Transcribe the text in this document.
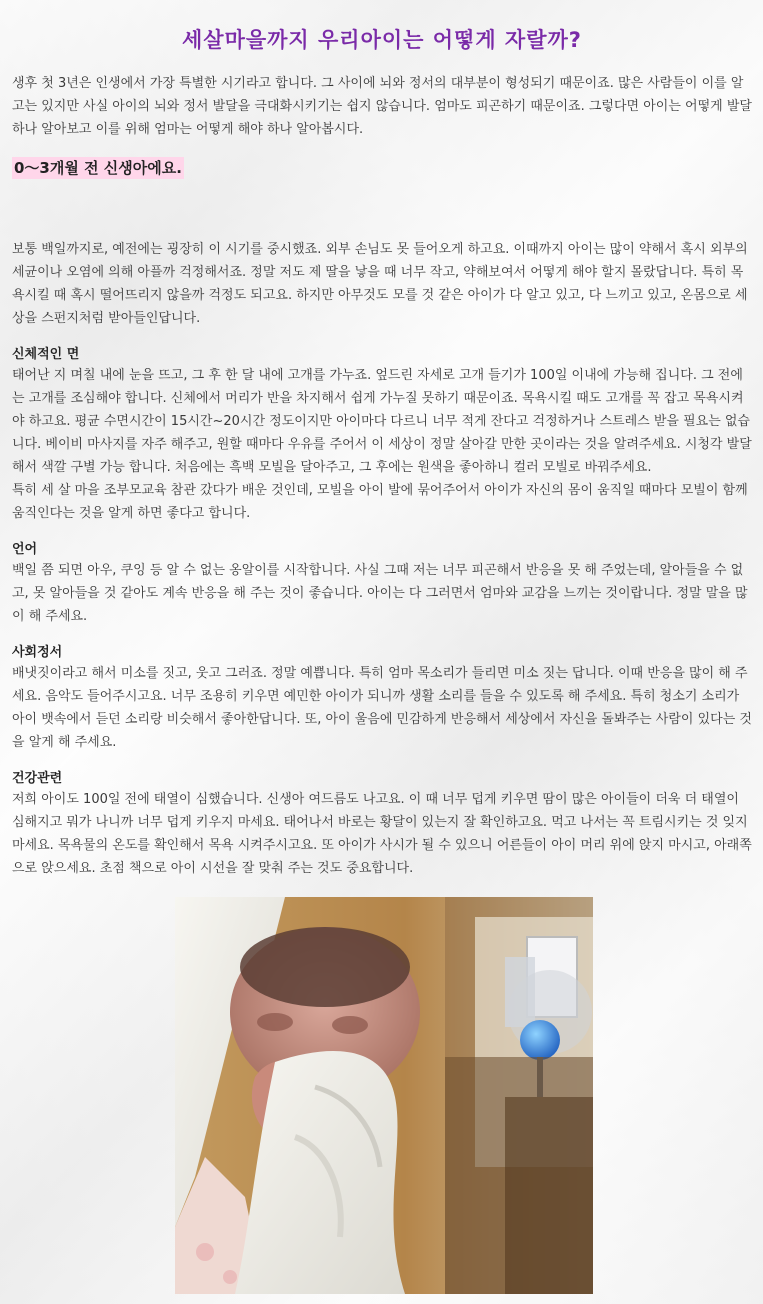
세살마을까지 우리아이는 어떻게 자랄까?

생후 첫 3년은 인생에서 가장 특별한 시기라고 합니다. 그 사이에 뇌와 정서의 대부분이 형성되기 때문이죠. 많은 사람들이 이를 알고는 있지만 사실 아이의 뇌와 정서 발달을 극대화시키기는 쉽지 않습니다. 엄마도 피곤하기 때문이죠. 그렇다면 아이는 어떻게 발달하나 알아보고 이를 위해 엄마는 어떻게 해야 하나 알아봅시다.

0～3개월 전 신생아에요.

보통 백일까지로, 예전에는 굉장히 이 시기를 중시했죠. 외부 손님도 못 들어오게 하고요. 이때까지 아이는 많이 약해서 혹시 외부의 세균이나 오염에 의해 아플까 걱정해서죠. 정말 저도 제 딸을 낳을 때 너무 작고, 약해보여서 어떻게 해야 할지 몰랐답니다. 특히 목욕시킬 때 혹시 떨어뜨리지 않을까 걱정도 되고요. 하지만 아무것도 모를 것 같은 아이가 다 알고 있고, 다 느끼고 있고, 온몸으로 세상을 스펀지처럼 받아들인답니다.

신체적인 면

태어난 지 며칠 내에 눈을 뜨고, 그 후 한 달 내에 고개를 가누죠. 엎드린 자세로 고개 들기가 100일 이내에 가능해 집니다. 그 전에는 고개를 조심해야 합니다. 신체에서 머리가 반을 차지해서 쉽게 가누질 못하기 때문이죠. 목욕시킬 때도 고개를 꼭 잡고 목욕시켜야 하고요. 평균 수면시간이 15시간~20시간 정도이지만 아이마다 다르니 너무 적게 잔다고 걱정하거나 스트레스 받을 필요는 없습니다. 베이비 마사지를 자주 해주고, 원할 때마다 우유를 주어서 이 세상이 정말 살아갈 만한 곳이라는 것을 알려주세요. 시청각 발달해서 색깔 구별 가능 합니다. 처음에는 흑백 모빌을 달아주고, 그 후에는 원색을 좋아하니 컬러 모빌로 바꿔주세요.

특히 세 살 마을 조부모교육 참관 갔다가 배운 것인데, 모빌을 아이 발에 묶어주어서 아이가 자신의 몸이 움직일 때마다 모빌이 함께 움직인다는 것을 알게 하면 좋다고 합니다.

언어

백일 쯤 되면 아우, 쿠잉 등 알 수 없는 옹알이를 시작합니다. 사실 그때 저는 너무 피곤해서 반응을 못 해 주었는데, 알아들을 수 없고, 못 알아들을 것 같아도 계속 반응을 해 주는 것이 좋습니다. 아이는 다 그러면서 엄마와 교감을 느끼는 것이랍니다. 정말 말을 많이 해 주세요.

사회정서

배냇짓이라고 해서 미소를 짓고, 웃고 그러죠. 정말 예쁩니다. 특히 엄마 목소리가 들리면 미소 짓는 답니다. 이때 반응을 많이 해 주세요. 음악도 들어주시고요. 너무 조용히 키우면 예민한 아이가 되니까 생활 소리를 들을 수 있도록 해 주세요. 특히 청소기 소리가 아이 뱃속에서 듣던 소리랑 비슷해서 좋아한답니다. 또, 아이 울음에 민감하게 반응해서 세상에서 자신을 돌봐주는 사람이 있다는 것을 알게 해 주세요.

건강관련

저희 아이도 100일 전에 태열이 심했습니다. 신생아 여드름도 나고요. 이 때 너무 덥게 키우면 땀이 많은 아이들이 더욱 더 태열이 심해지고 뭐가 나니까 너무 덥게 키우지 마세요. 태어나서 바로는 황달이 있는지 잘 확인하고요. 먹고 나서는 꼭 트림시키는 것 잊지 마세요. 목욕물의 온도를 확인해서 목욕 시켜주시고요. 또 아이가 사시가 될 수 있으니 어른들이 아이 머리 위에 앉지 마시고, 아래쪽으로 앉으세요. 초점 책으로 아이 시선을 잘 맞춰 주는 것도 중요합니다.
